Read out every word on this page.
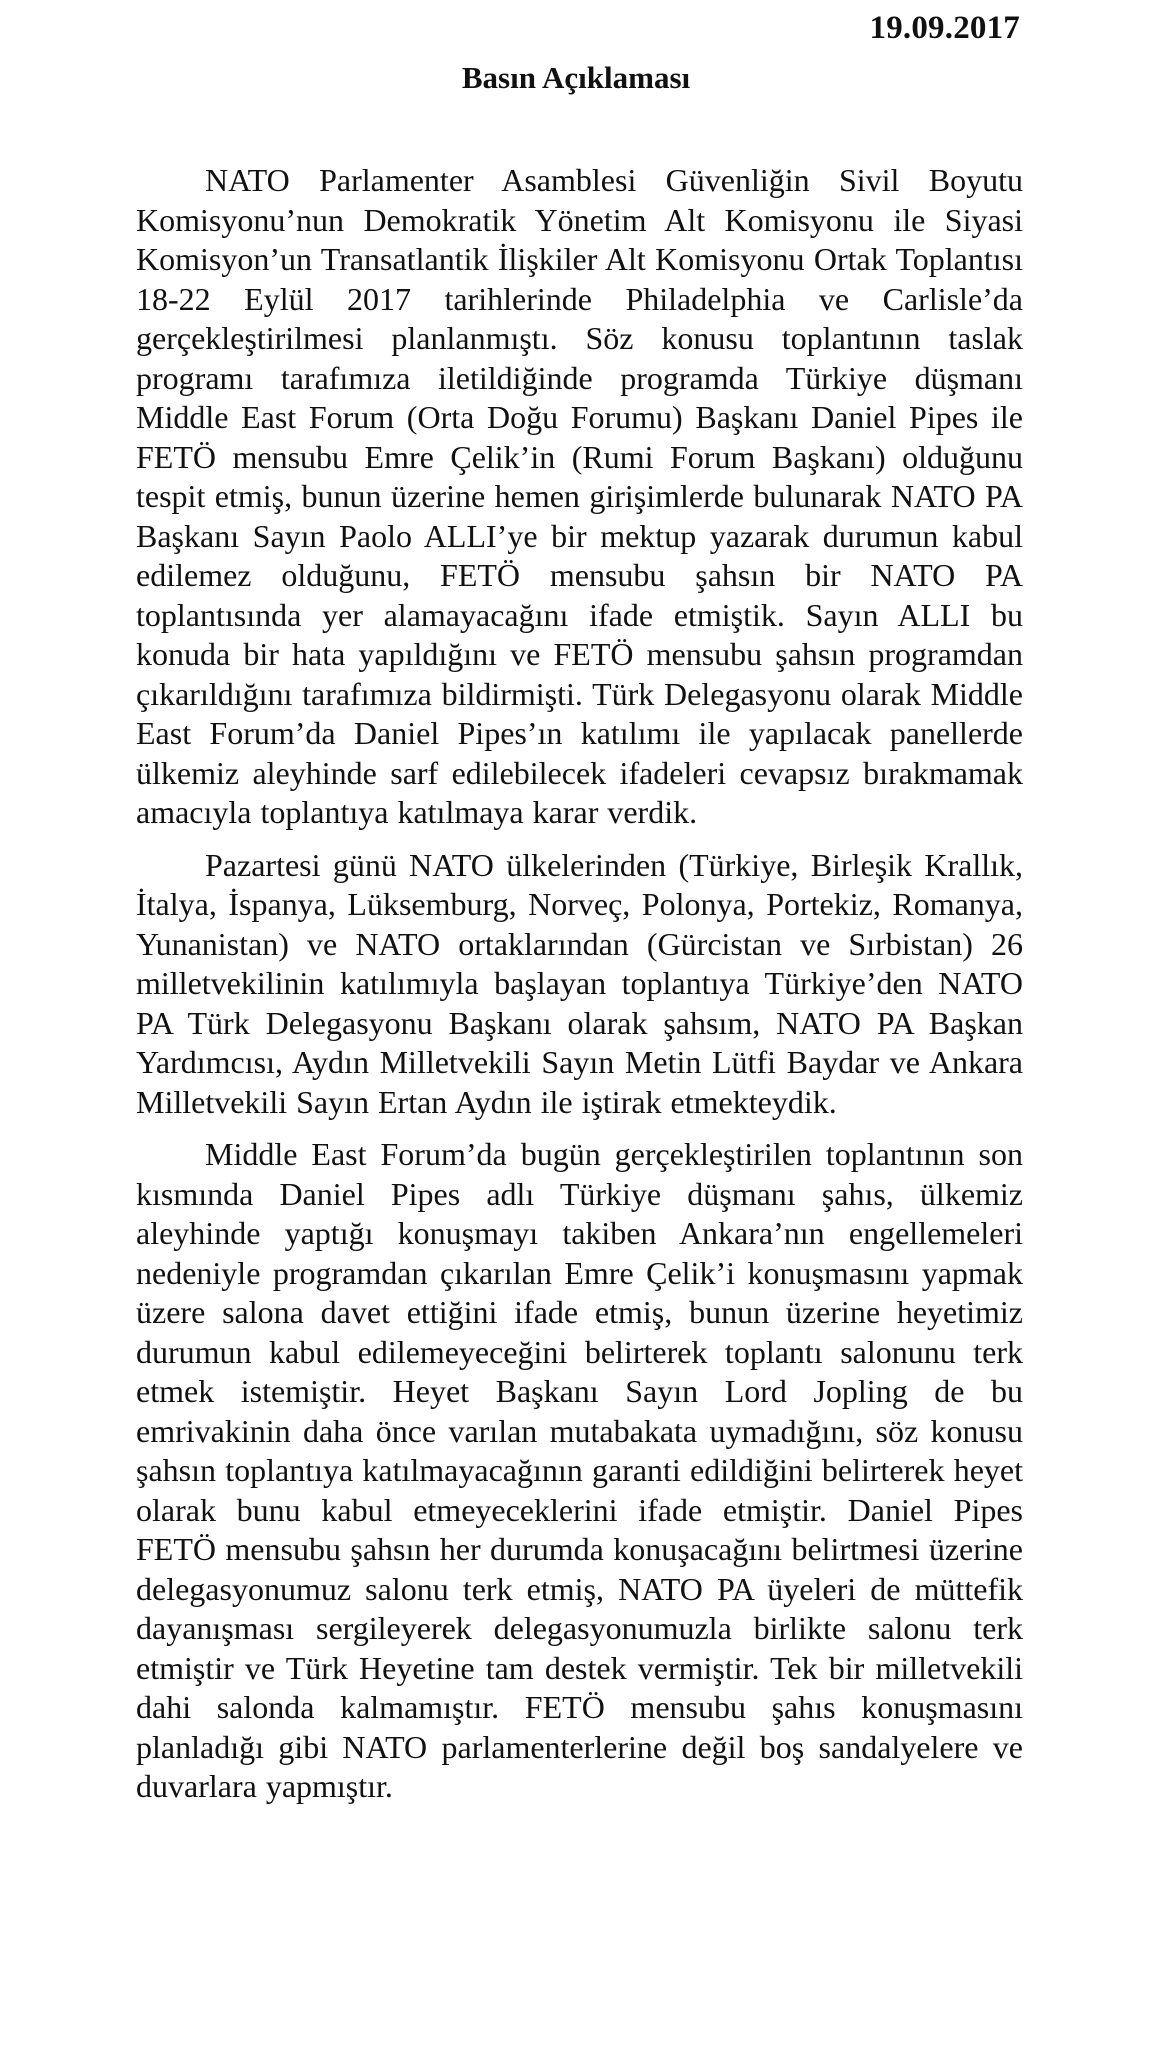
19.09.2017
Basın Açıklaması

NATO Parlamenter Asamblesi Güvenliğin Sivil Boyutu Komisyonu’nun Demokratik Yönetim Alt Komisyonu ile Siyasi Komisyon’un Transatlantik İlişkiler Alt Komisyonu Ortak Toplantısı 18-22 Eylül 2017 tarihlerinde Philadelphia ve Carlisle’da gerçekleştirilmesi planlanmıştı. Söz konusu toplantının taslak programı tarafımıza iletildiğinde programda Türkiye düşmanı Middle East Forum (Orta Doğu Forumu) Başkanı Daniel Pipes ile FETÖ mensubu Emre Çelik’in (Rumi Forum Başkanı) olduğunu tespit etmiş, bunun üzerine hemen girişimlerde bulunarak NATO PA Başkanı Sayın Paolo ALLI’ye bir mektup yazarak durumun kabul edilemez olduğunu, FETÖ mensubu şahsın bir NATO PA toplantısında yer alamayacağını ifade etmiştik. Sayın ALLI bu konuda bir hata yapıldığını ve FETÖ mensubu şahsın programdan çıkarıldığını tarafımıza bildirmişti. Türk Delegasyonu olarak Middle East Forum’da Daniel Pipes’ın katılımı ile yapılacak panellerde ülkemiz aleyhinde sarf edilebilecek ifadeleri cevapsız bırakmamak amacıyla toplantıya katılmaya karar verdik.

Pazartesi günü NATO ülkelerinden (Türkiye, Birleşik Krallık, İtalya, İspanya, Lüksemburg, Norveç, Polonya, Portekiz, Romanya, Yunanistan) ve NATO ortaklarından (Gürcistan ve Sırbistan) 26 milletvekilinin katılımıyla başlayan toplantıya Türkiye’den NATO PA Türk Delegasyonu Başkanı olarak şahsım, NATO PA Başkan Yardımcısı, Aydın Milletvekili Sayın Metin Lütfi Baydar ve Ankara Milletvekili Sayın Ertan Aydın ile iştirak etmekteydik.

Middle East Forum’da bugün gerçekleştirilen toplantının son kısmında Daniel Pipes adlı Türkiye düşmanı şahıs, ülkemiz aleyhinde yaptığı konuşmayı takiben Ankara’nın engellemeleri nedeniyle programdan çıkarılan Emre Çelik’i konuşmasını yapmak üzere salona davet ettiğini ifade etmiş, bunun üzerine heyetimiz durumun kabul edilemeyeceğini belirterek toplantı salonunu terk etmek istemiştir. Heyet Başkanı Sayın Lord Jopling de bu emrivakinin daha önce varılan mutabakata uymadığını, söz konusu şahsın toplantıya katılmayacağının garanti edildiğini belirterek heyet olarak bunu kabul etmeyeceklerini ifade etmiştir. Daniel Pipes FETÖ mensubu şahsın her durumda konuşacağını belirtmesi üzerine delegasyonumuz salonu terk etmiş, NATO PA üyeleri de müttefik dayanışması sergileyerek delegasyonumuzla birlikte salonu terk etmiştir ve Türk Heyetine tam destek vermiştir. Tek bir milletvekili dahi salonda kalmamıştır. FETÖ mensubu şahıs konuşmasını planladığı gibi NATO parlamenterlerine değil boş sandalyelere ve duvarlara yapmıştır.
